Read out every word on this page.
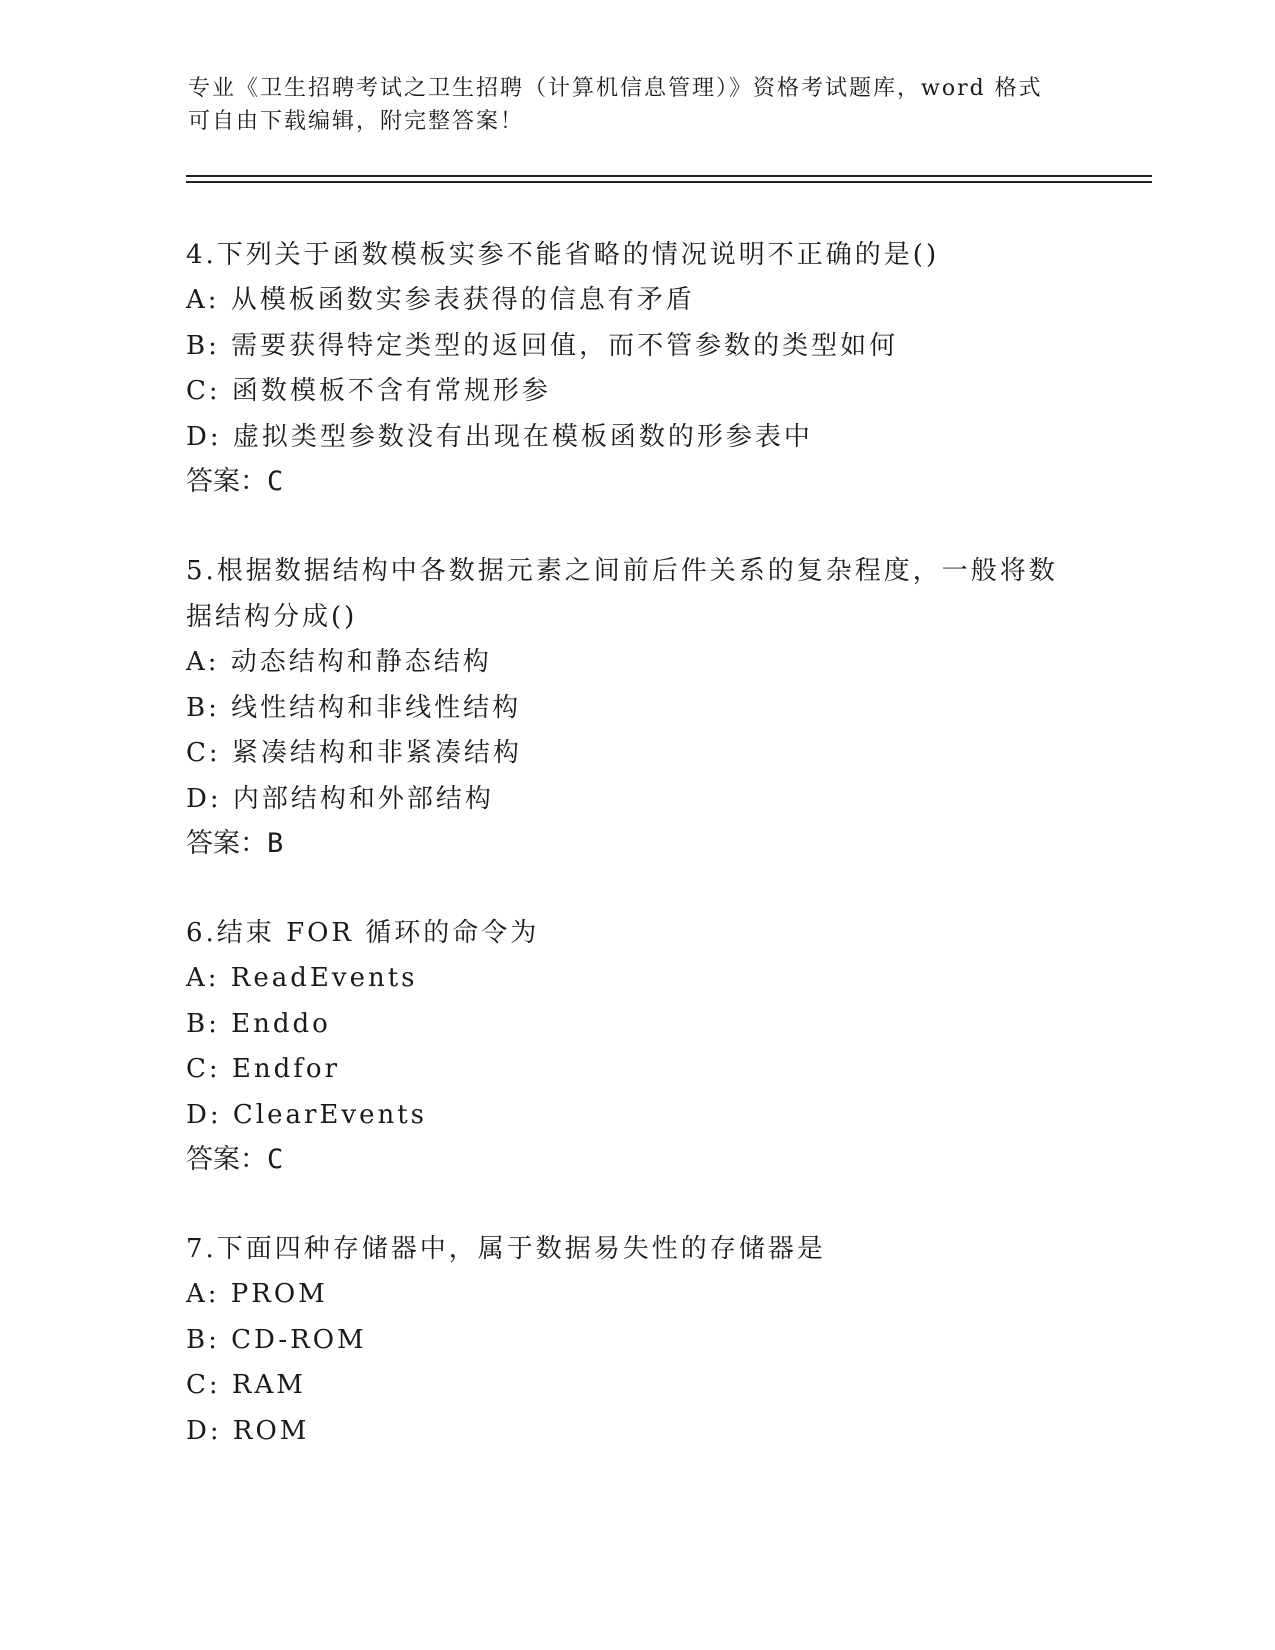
专业《卫生招聘考试之卫生招聘（计算机信息管理）》资格考试题库，word 格式
可自由下载编辑，附完整答案！

4.下列关于函数模板实参不能省略的情况说明不正确的是()

A: 从模板函数实参表获得的信息有矛盾

B: 需要获得特定类型的返回值，而不管参数的类型如何

C: 函数模板不含有常规形参

D: 虚拟类型参数没有出现在模板函数的形参表中

答案：C

5.根据数据结构中各数据元素之间前后件关系的复杂程度，一般将数据结构分成()

A: 动态结构和静态结构

B: 线性结构和非线性结构

C: 紧凑结构和非紧凑结构

D: 内部结构和外部结构

答案：B

6.结束 FOR 循环的命令为

A: ReadEvents

B: Enddo

C: Endfor

D: ClearEvents

答案：C

7.下面四种存储器中，属于数据易失性的存储器是

A: PROM

B: CD-ROM

C: RAM

D: ROM
